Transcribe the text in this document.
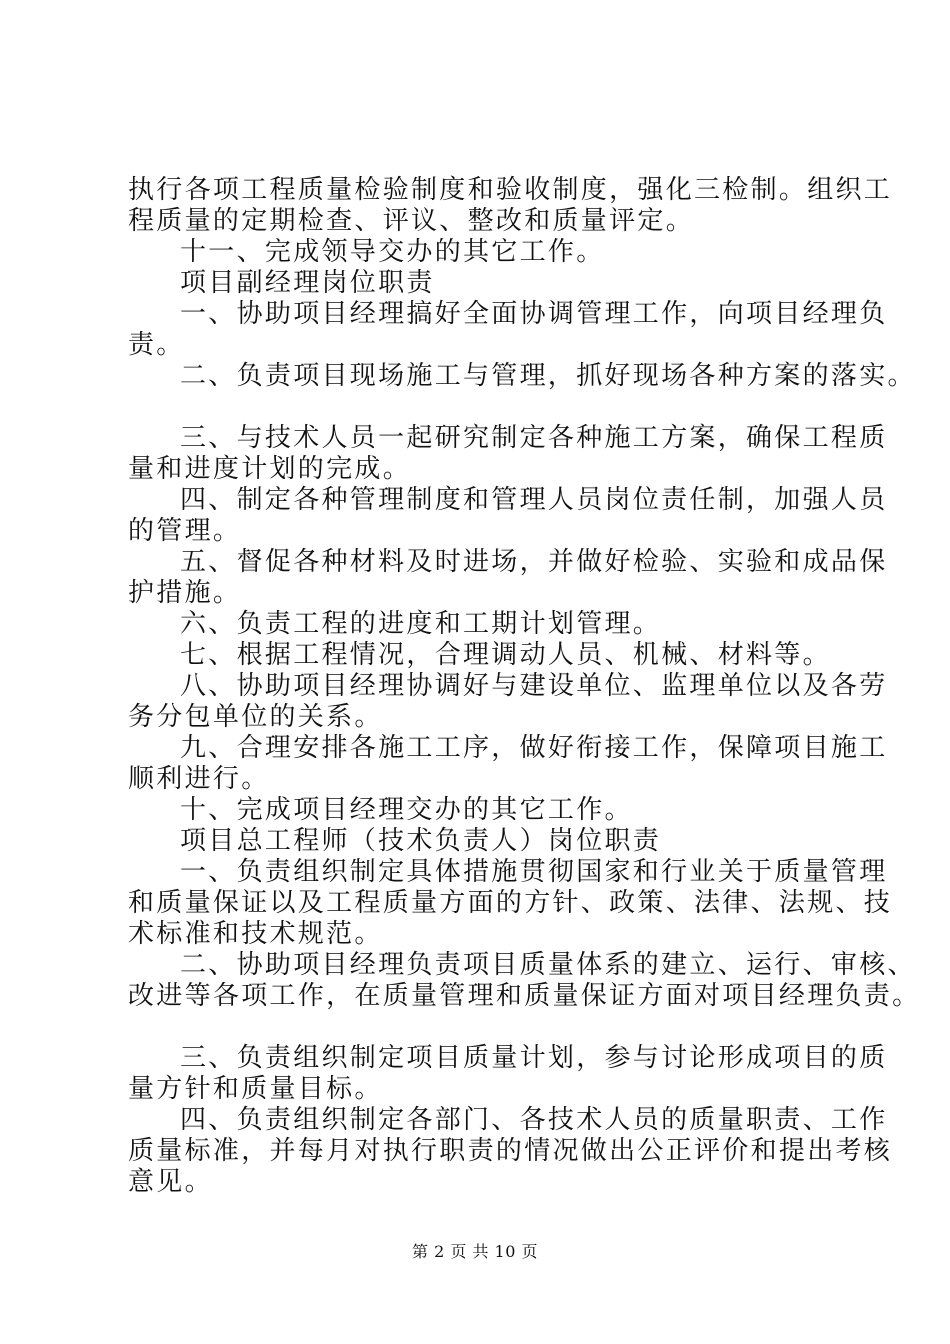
执行各项工程质量检验制度和验收制度，强化三检制。组织工
程质量的定期检查、评议、整改和质量评定。
十一、完成领导交办的其它工作。
项目副经理岗位职责
一、协助项目经理搞好全面协调管理工作，向项目经理负
责。
二、负责项目现场施工与管理，抓好现场各种方案的落实。
三、与技术人员一起研究制定各种施工方案，确保工程质
量和进度计划的完成。
四、制定各种管理制度和管理人员岗位责任制，加强人员
的管理。
五、督促各种材料及时进场，并做好检验、实验和成品保
护措施。
六、负责工程的进度和工期计划管理。
七、根据工程情况，合理调动人员、机械、材料等。
八、协助项目经理协调好与建设单位、监理单位以及各劳
务分包单位的关系。
九、合理安排各施工工序，做好衔接工作，保障项目施工
顺利进行。
十、完成项目经理交办的其它工作。
项目总工程师（技术负责人）岗位职责
一、负责组织制定具体措施贯彻国家和行业关于质量管理
和质量保证以及工程质量方面的方针、政策、法律、法规、技
术标准和技术规范。
二、协助项目经理负责项目质量体系的建立、运行、审核、
改进等各项工作，在质量管理和质量保证方面对项目经理负责。
三、负责组织制定项目质量计划，参与讨论形成项目的质
量方针和质量目标。
四、负责组织制定各部门、各技术人员的质量职责、工作
质量标准，并每月对执行职责的情况做出公正评价和提出考核
意见。
第 2 页 共 10 页
